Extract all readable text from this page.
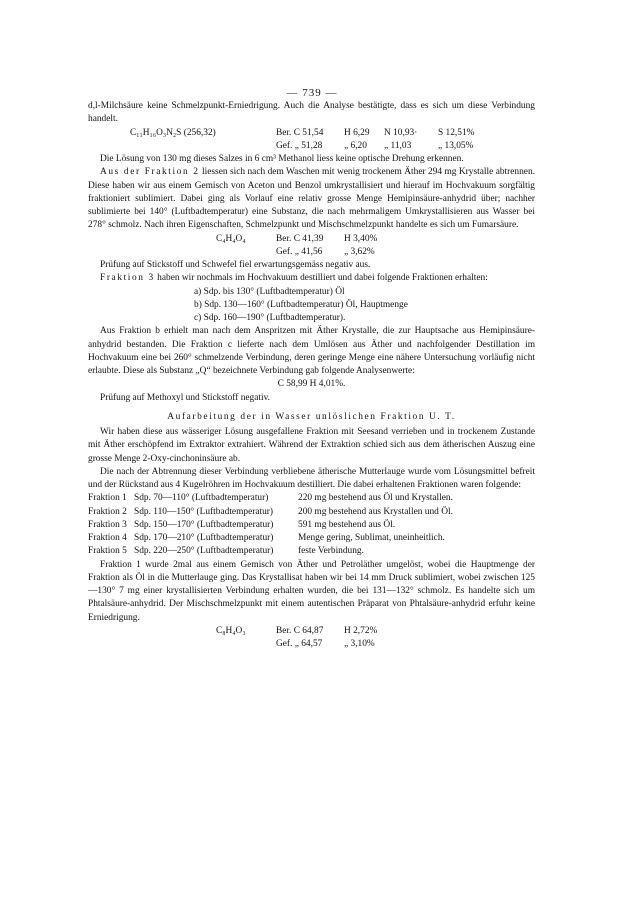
— 739 —

d,l-Milchsäure keine Schmelzpunkt-Erniedrigung. Auch die Analyse bestätigte, dass es sich um diese Verbindung handelt.

C₁₁H₁₆O₃N₂S (256,32)	Ber. C 51,54 H 6,29 N 10,93· S 12,51%
Gef. „ 51,28 „ 6,20 „ 11,03	„ 13,05%

Die Lösung von 130 mg dieses Salzes in 6 cm³ Methanol liess keine optische Drehung erkennen.

Aus der Fraktion 2 liessen sich nach dem Waschen mit wenig trockenem Äther 294 mg Krystalle abtrennen. Diese haben wir aus einem Gemisch von Aceton und Benzol umkrystallisiert und hierauf im Hochvakuum sorgfältig fraktioniert sublimiert. Dabei ging als Vorlauf eine relativ grosse Menge Hemipinsäure-anhydrid über; nachher sublimierte bei 140° (Luftbadtemperatur) eine Substanz, die nach mehrmaligem Umkrystallisieren aus Wasser bei 278° schmolz. Nach ihren Eigenschaften, Schmelzpunkt und Mischschmelzpunkt handelte es sich um Fumarsäure.

C₄H₄O₄	Ber. C 41,39 H 3,40%
Gef. „ 41,56 „ 3,62%

Prüfung auf Stickstoff und Schwefel fiel erwartungsgemäss negativ aus.

Fraktion 3 haben wir nochmals im Hochvakuum destilliert und dabei folgende Fraktionen erhalten:

a) Sdp. bis 130° (Luftbadtemperatur) Öl
b) Sdp. 130—160° (Luftbadtemperatur) Öl, Hauptmenge
c) Sdp. 160—190° (Luftbadtemperatur).

Aus Fraktion b erhielt man nach dem Anspritzen mit Äther Krystalle, die zur Hauptsache aus Hemipinsäure-anhydrid bestanden. Die Fraktion c lieferte nach dem Umlösen aus Äther und nachfolgender Destillation im Hochvakuum eine bei 260° schmelzende Verbindung, deren geringe Menge eine nähere Untersuchung vorläufig nicht erlaubte. Diese als Substanz „Q“ bezeichnete Verbindung gab folgende Analysenwerte:

C 58,99 H 4,01%.

Prüfung auf Methoxyl und Stickstoff negativ.

Aufarbeitung der in Wasser unlöslichen Fraktion U. T.

Wir haben diese aus wässeriger Lösung ausgefallene Fraktion mit Seesand verrieben und in trockenem Zustande mit Äther erschöpfend im Extraktor extrahiert. Während der Extraktion schied sich aus dem ätherischen Auszug eine grosse Menge 2-Oxy-cinchoninsäure ab.

Die nach der Abtrennung dieser Verbindung verbliebene ätherische Mutterlauge wurde vom Lösungsmittel befreit und der Rückstand aus 4 Kugelröhren im Hochvakuum destilliert. Die dabei erhaltenen Fraktionen waren folgende:

Fraktion 1 Sdp. 70—110° (Luftbadtemperatur)	220 mg bestehend aus Öl und Krystallen.
Fraktion 2 Sdp. 110—150° (Luftbadtemperatur)	200 mg bestehend aus Krystallen und Öl.
Fraktion 3 Sdp. 150—170° (Luftbadtemperatur)	591 mg bestehend aus Öl.
Fraktion 4 Sdp. 170—210° (Luftbadtemperatur)	Menge gering, Sublimat, uneinheitlich.
Fraktion 5 Sdp. 220—250° (Luftbadtemperatur)	feste Verbindung.

Fraktion 1 wurde 2mal aus einem Gemisch von Äther und Petroläther umgelöst, wobei die Hauptmenge der Fraktion als Öl in die Mutterlauge ging. Das Krystallisat haben wir bei 14 mm Druck sublimiert, wobei zwischen 125—130° 7 mg einer krystallisierten Verbindung erhalten wurden, die bei 131—132° schmolz. Es handelte sich um Phtalsäure-anhydrid. Der Mischschmelzpunkt mit einem autentischen Präparat von Phtalsäure-anhydrid erfuhr keine Erniedrigung.

C₈H₄O₃	Ber. C 64,87 H 2,72%
Gef. „ 64,57 „ 3,10%
